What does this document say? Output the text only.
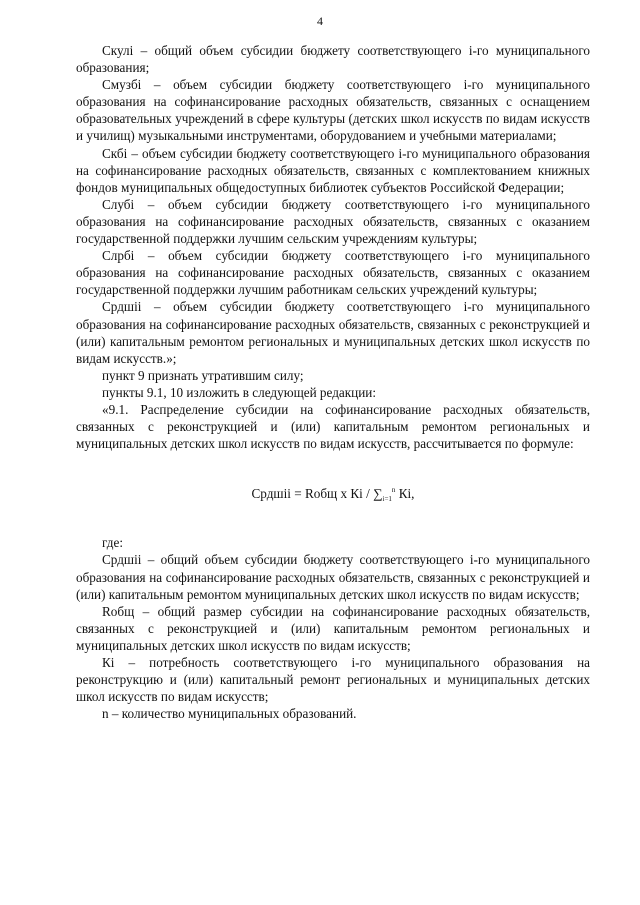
4

Скулі – общий объем субсидии бюджету соответствующего і-го муниципального образования;

Смузбі – объем субсидии бюджету соответствующего і-го муниципального образования на софинансирование расходных обязательств, связанных с оснащением образовательных учреждений в сфере культуры (детских школ искусств по видам искусств и училищ) музыкальными инструментами, оборудованием и учебными материалами;

Скбі – объем субсидии бюджету соответствующего і-го муниципального образования на софинансирование расходных обязательств, связанных с комплектованием книжных фондов муниципальных общедоступных библиотек субъектов Российской Федерации;

Слубі – объем субсидии бюджету соответствующего і-го муниципального образования на софинансирование расходных обязательств, связанных с оказанием государственной поддержки лучшим сельским учреждениям культуры;

Слрбі – объем субсидии бюджету соответствующего і-го муниципального образования на софинансирование расходных обязательств, связанных с оказанием государственной поддержки лучшим работникам сельских учреждений культуры;

Срдшіі – объем субсидии бюджету соответствующего і-го муниципального образования на софинансирование расходных обязательств, связанных с реконструкцией и (или) капитальным ремонтом региональных и муниципальных детских школ искусств по видам искусств.»;

пункт 9 признать утратившим силу;

пункты 9.1, 10 изложить в следующей редакции:

«9.1. Распределение субсидии на софинансирование расходных обязательств, связанных с реконструкцией и (или) капитальным ремонтом региональных и муниципальных детских школ искусств по видам искусств, рассчитывается по формуле:

Срдшіі = Rобщ x Кі / $\sum_{i=1}^n$ Кі,

где:

Срдшіі – общий объем субсидии бюджету соответствующего і-го муниципального образования на софинансирование расходных обязательств, связанных с реконструкцией и (или) капитальным ремонтом муниципальных детских школ искусств по видам искусств;

Rобщ – общий размер субсидии на софинансирование расходных обязательств, связанных с реконструкцией и (или) капитальным ремонтом региональных и муниципальных детских школ искусств по видам искусств;

Кі – потребность соответствующего і-го муниципального образования на реконструкцию и (или) капитальный ремонт региональных и муниципальных детских школ искусств по видам искусств;

n – количество муниципальных образований.
